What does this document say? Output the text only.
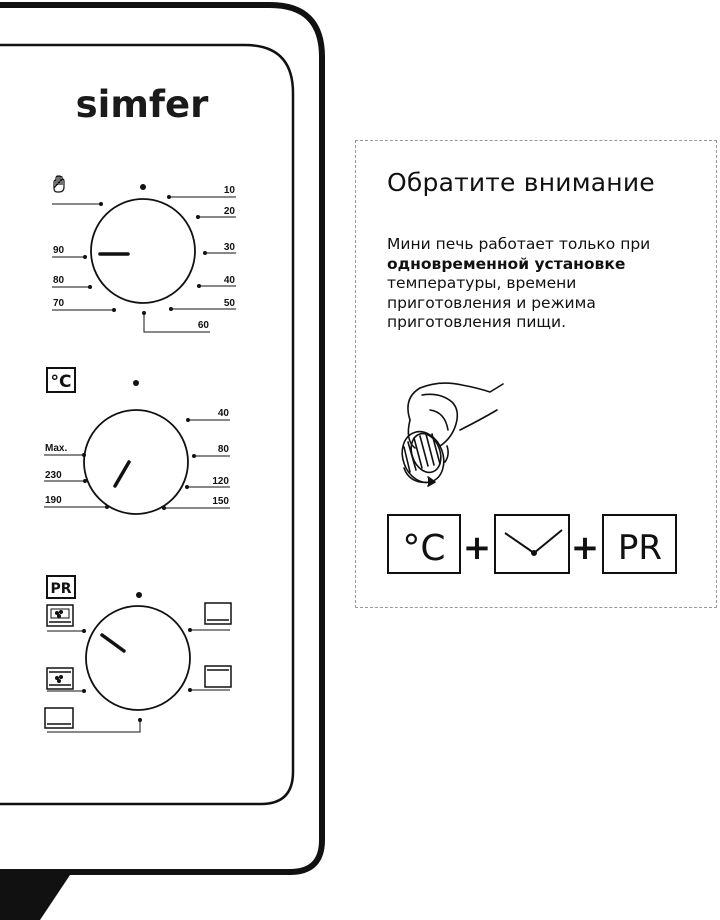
simfer
10
20
30
40
50
60
70
80
90
°C
40
80
120
150
190
230
Max.
PR
Обратите внимание
Мини печь работает только при
одновременной установке
температуры, времени
приготовления и режима
приготовления пищи.
°C + + PR
